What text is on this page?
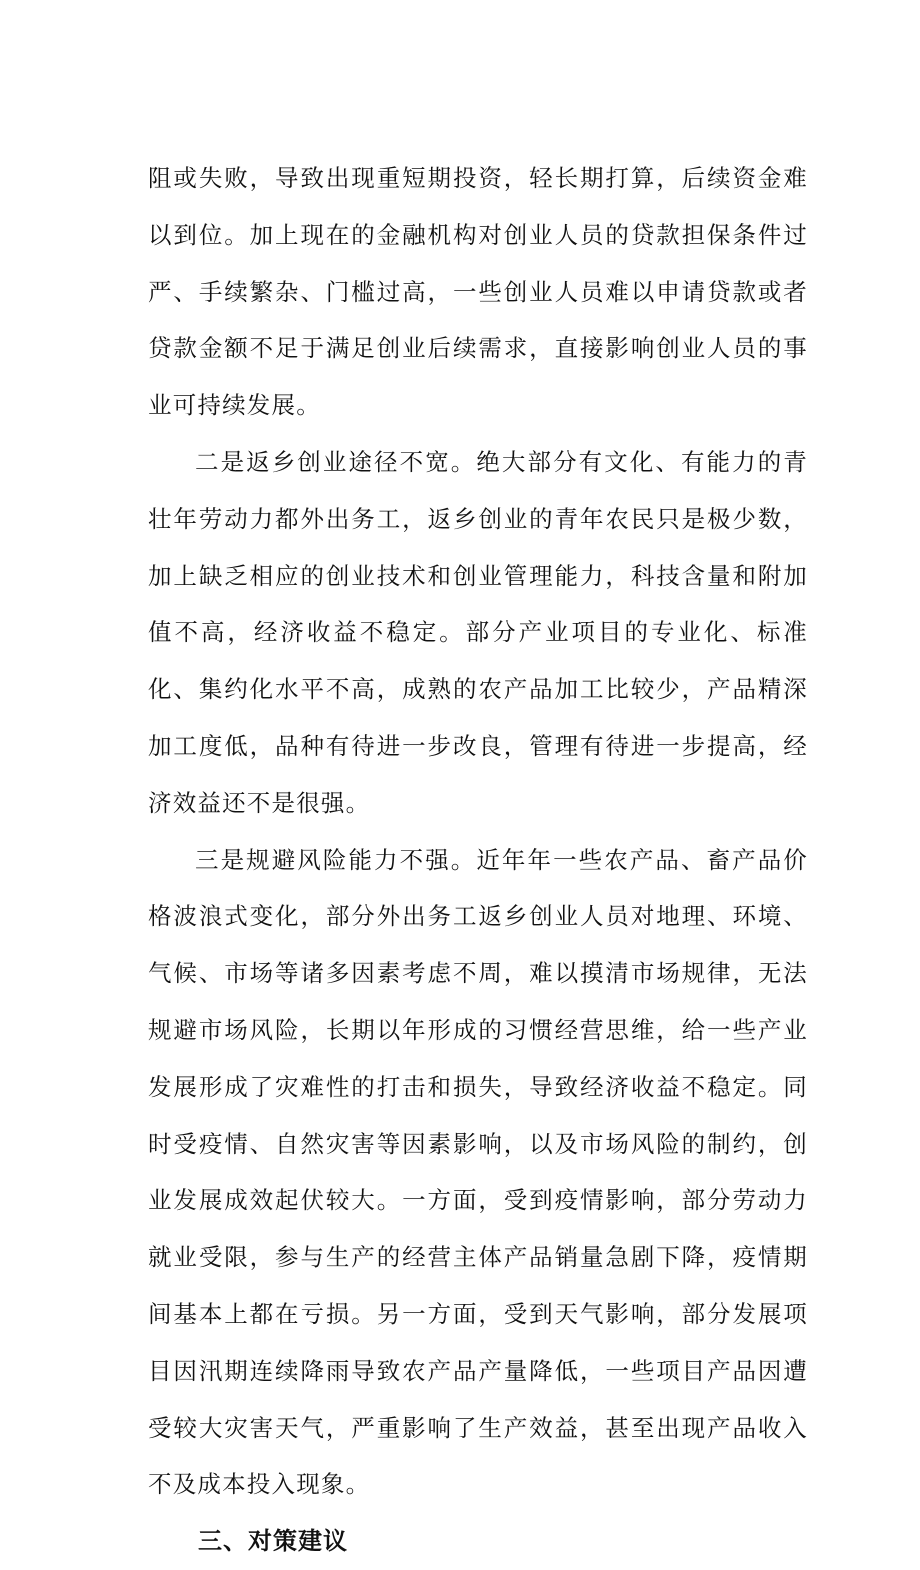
阻或失败，导致出现重短期投资，轻长期打算，后续资金难以到位。加上现在的金融机构对创业人员的贷款担保条件过严、手续繁杂、门槛过高，一些创业人员难以申请贷款或者贷款金额不足于满足创业后续需求，直接影响创业人员的事业可持续发展。

二是返乡创业途径不宽。绝大部分有文化、有能力的青壮年劳动力都外出务工，返乡创业的青年农民只是极少数，加上缺乏相应的创业技术和创业管理能力，科技含量和附加值不高，经济收益不稳定。部分产业项目的专业化、标准化、集约化水平不高，成熟的农产品加工比较少，产品精深加工度低，品种有待进一步改良，管理有待进一步提高，经济效益还不是很强。

三是规避风险能力不强。近年年一些农产品、畜产品价格波浪式变化，部分外出务工返乡创业人员对地理、环境、气候、市场等诸多因素考虑不周，难以摸清市场规律，无法规避市场风险，长期以年形成的习惯经营思维，给一些产业发展形成了灾难性的打击和损失，导致经济收益不稳定。同时受疫情、自然灾害等因素影响，以及市场风险的制约，创业发展成效起伏较大。一方面，受到疫情影响，部分劳动力就业受限，参与生产的经营主体产品销量急剧下降，疫情期间基本上都在亏损。另一方面，受到天气影响，部分发展项目因汛期连续降雨导致农产品产量降低，一些项目产品因遭受较大灾害天气，严重影响了生产效益，甚至出现产品收入不及成本投入现象。

三、对策建议
